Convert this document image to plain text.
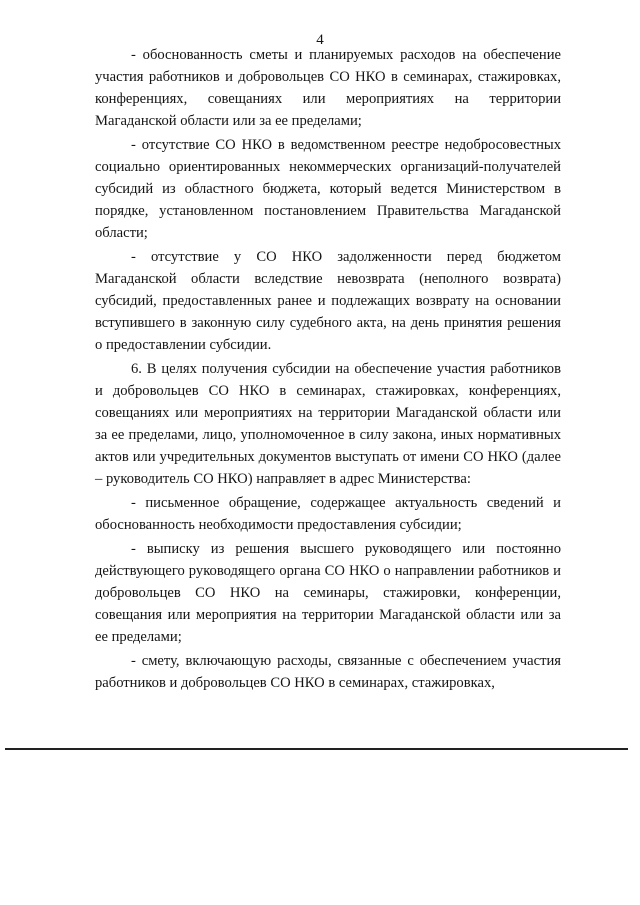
4

- обоснованность сметы и планируемых расходов на обеспечение участия работников и добровольцев СО НКО в семинарах, стажировках, конференциях, совещаниях или мероприятиях на территории Магаданской области или за ее пределами;

- отсутствие СО НКО в ведомственном реестре недобросовестных социально ориентированных некоммерческих организаций-получателей субсидий из областного бюджета, который ведется Министерством в порядке, установленном постановлением Правительства Магаданской области;

- отсутствие у СО НКО задолженности перед бюджетом Магаданской области вследствие невозврата (неполного возврата) субсидий, предоставленных ранее и подлежащих возврату на основании вступившего в законную силу судебного акта, на день принятия решения о предоставлении субсидии.

6. В целях получения субсидии на обеспечение участия работников и добровольцев СО НКО в семинарах, стажировках, конференциях, совещаниях или мероприятиях на территории Магаданской области или за ее пределами, лицо, уполномоченное в силу закона, иных нормативных актов или учредительных документов выступать от имени СО НКО (далее – руководитель СО НКО) направляет в адрес Министерства:

- письменное обращение, содержащее актуальность сведений и обоснованность необходимости предоставления субсидии;

- выписку из решения высшего руководящего или постоянно действующего руководящего органа СО НКО о направлении работников и добровольцев СО НКО на семинары, стажировки, конференции, совещания или мероприятия на территории Магаданской области или за ее пределами;

- смету, включающую расходы, связанные с обеспечением участия работников и добровольцев СО НКО в семинарах, стажировках,
